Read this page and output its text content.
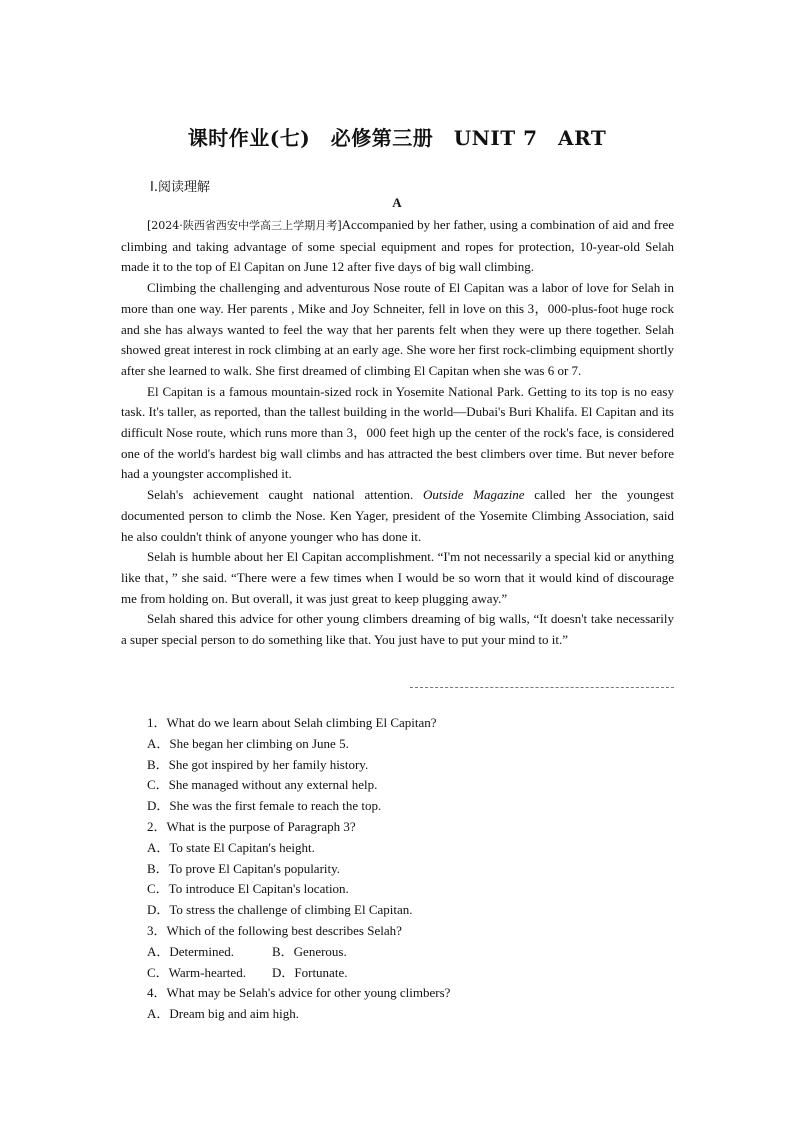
课时作业(七)　必修第三册　UNIT 7　ART
Ⅰ.阅读理解
A

[2024·陕西省西安中学高三上学期月考]Accompanied by her father, using a combination of aid and free climbing and taking advantage of some special equipment and ropes for protection, 10-year-old Selah made it to the top of El Capitan on June 12 after five days of big wall climbing.

Climbing the challenging and adventurous Nose route of El Capitan was a labor of love for Selah in more than one way. Her parents , Mike and Joy Schneiter, fell in love on this 3，000-plus-foot huge rock and she has always wanted to feel the way that her parents felt when they were up there together. Selah showed great interest in rock climbing at an early age. She wore her first rock-climbing equipment shortly after she learned to walk. She first dreamed of climbing El Capitan when she was 6 or 7.

El Capitan is a famous mountain-sized rock in Yosemite National Park. Getting to its top is no easy task. It's taller, as reported, than the tallest building in the world—Dubai's Buri Khalifa. El Capitan and its difficult Nose route, which runs more than 3，000 feet high up the center of the rock's face, is considered one of the world's hardest big wall climbs and has attracted the best climbers over time. But never before had a youngster accomplished it.

Selah's achievement caught national attention. Outside Magazine called her the youngest documented person to climb the Nose. Ken Yager, president of the Yosemite Climbing Association, said he also couldn't think of anyone younger who has done it.

Selah is humble about her El Capitan accomplishment. “I'm not necessarily a special kid or anything like that，” she said. “There were a few times when I would be so worn that it would kind of discourage me from holding on. But overall, it was just great to keep plugging away.”

Selah shared this advice for other young climbers dreaming of big walls, “It doesn't take necessarily a super special person to do something like that. You just have to put your mind to it.”

1．What do we learn about Selah climbing El Capitan?
A．She began her climbing on June 5.
B．She got inspired by her family history.
C．She managed without any external help.
D．She was the first female to reach the top.
2．What is the purpose of Paragraph 3?
A．To state El Capitan's height.
B．To prove El Capitan's popularity.
C．To introduce El Capitan's location.
D．To stress the challenge of climbing El Capitan.
3．Which of the following best describes Selah?
A．Determined.	B．Generous.
C．Warm-hearted. D．Fortunate.
4．What may be Selah's advice for other young climbers?
A．Dream big and aim high.
